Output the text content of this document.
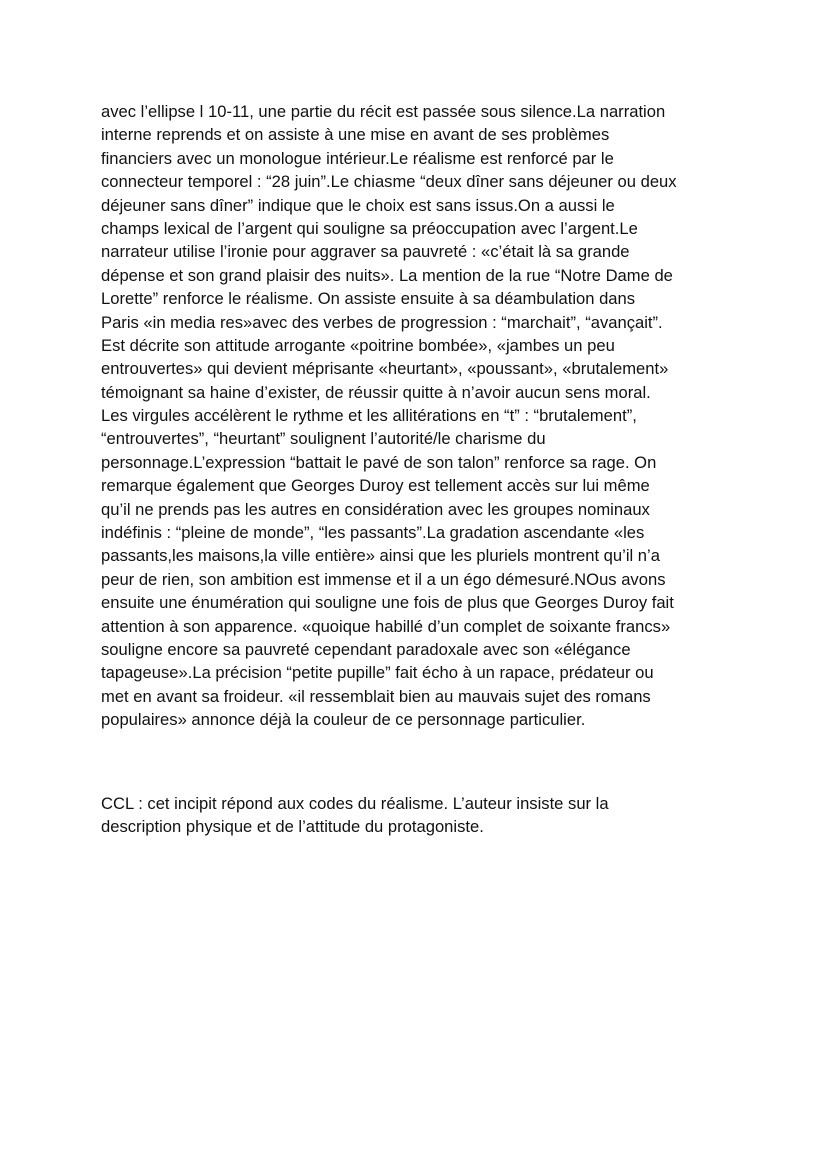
avec l’ellipse l 10-11, une partie du récit est passée sous silence.La narration
interne reprends et on assiste à une mise en avant de ses problèmes
financiers avec un monologue intérieur.Le réalisme est renforcé par le
connecteur temporel : “28 juin”.Le chiasme “deux dîner sans déjeuner ou deux
déjeuner sans dîner” indique que le choix est sans issus.On a aussi le
champs lexical de l’argent qui souligne sa préoccupation avec l’argent.Le
narrateur utilise l’ironie pour aggraver sa pauvreté : «c’était là sa grande
dépense et son grand plaisir des nuits». La mention de la rue “Notre Dame de
Lorette” renforce le réalisme. On assiste ensuite à sa déambulation dans
Paris «in media res»avec des verbes de progression : “marchait”, “avançait”.
Est décrite son attitude arrogante «poitrine bombée», «jambes un peu
entrouvertes» qui devient méprisante «heurtant», «poussant», «brutalement»
témoignant sa haine d’exister, de réussir quitte à n’avoir aucun sens moral.
Les virgules accélèrent le rythme et les allitérations en “t” : “brutalement”,
“entrouvertes”, “heurtant” soulignent l’autorité/le charisme du
personnage.L’expression “battait le pavé de son talon” renforce sa rage. On
remarque également que Georges Duroy est tellement accès sur lui même
qu’il ne prends pas les autres en considération avec les groupes nominaux
indéfinis : “pleine de monde”, “les passants”.La gradation ascendante «les
passants,les maisons,la ville entière» ainsi que les pluriels montrent qu’il n’a
peur de rien, son ambition est immense et il a un égo démesuré.NOus avons
ensuite une énumération qui souligne une fois de plus que Georges Duroy fait
attention à son apparence. «quoique habillé d’un complet de soixante francs»
souligne encore sa pauvreté cependant paradoxale avec son «élégance
tapageuse».La précision “petite pupille” fait écho à un rapace, prédateur ou
met en avant sa froideur. «il ressemblait bien au mauvais sujet des romans
populaires» annonce déjà la couleur de ce personnage particulier.
CCL : cet incipit répond aux codes du réalisme. L’auteur insiste sur la
description physique et de l’attitude du protagoniste.
